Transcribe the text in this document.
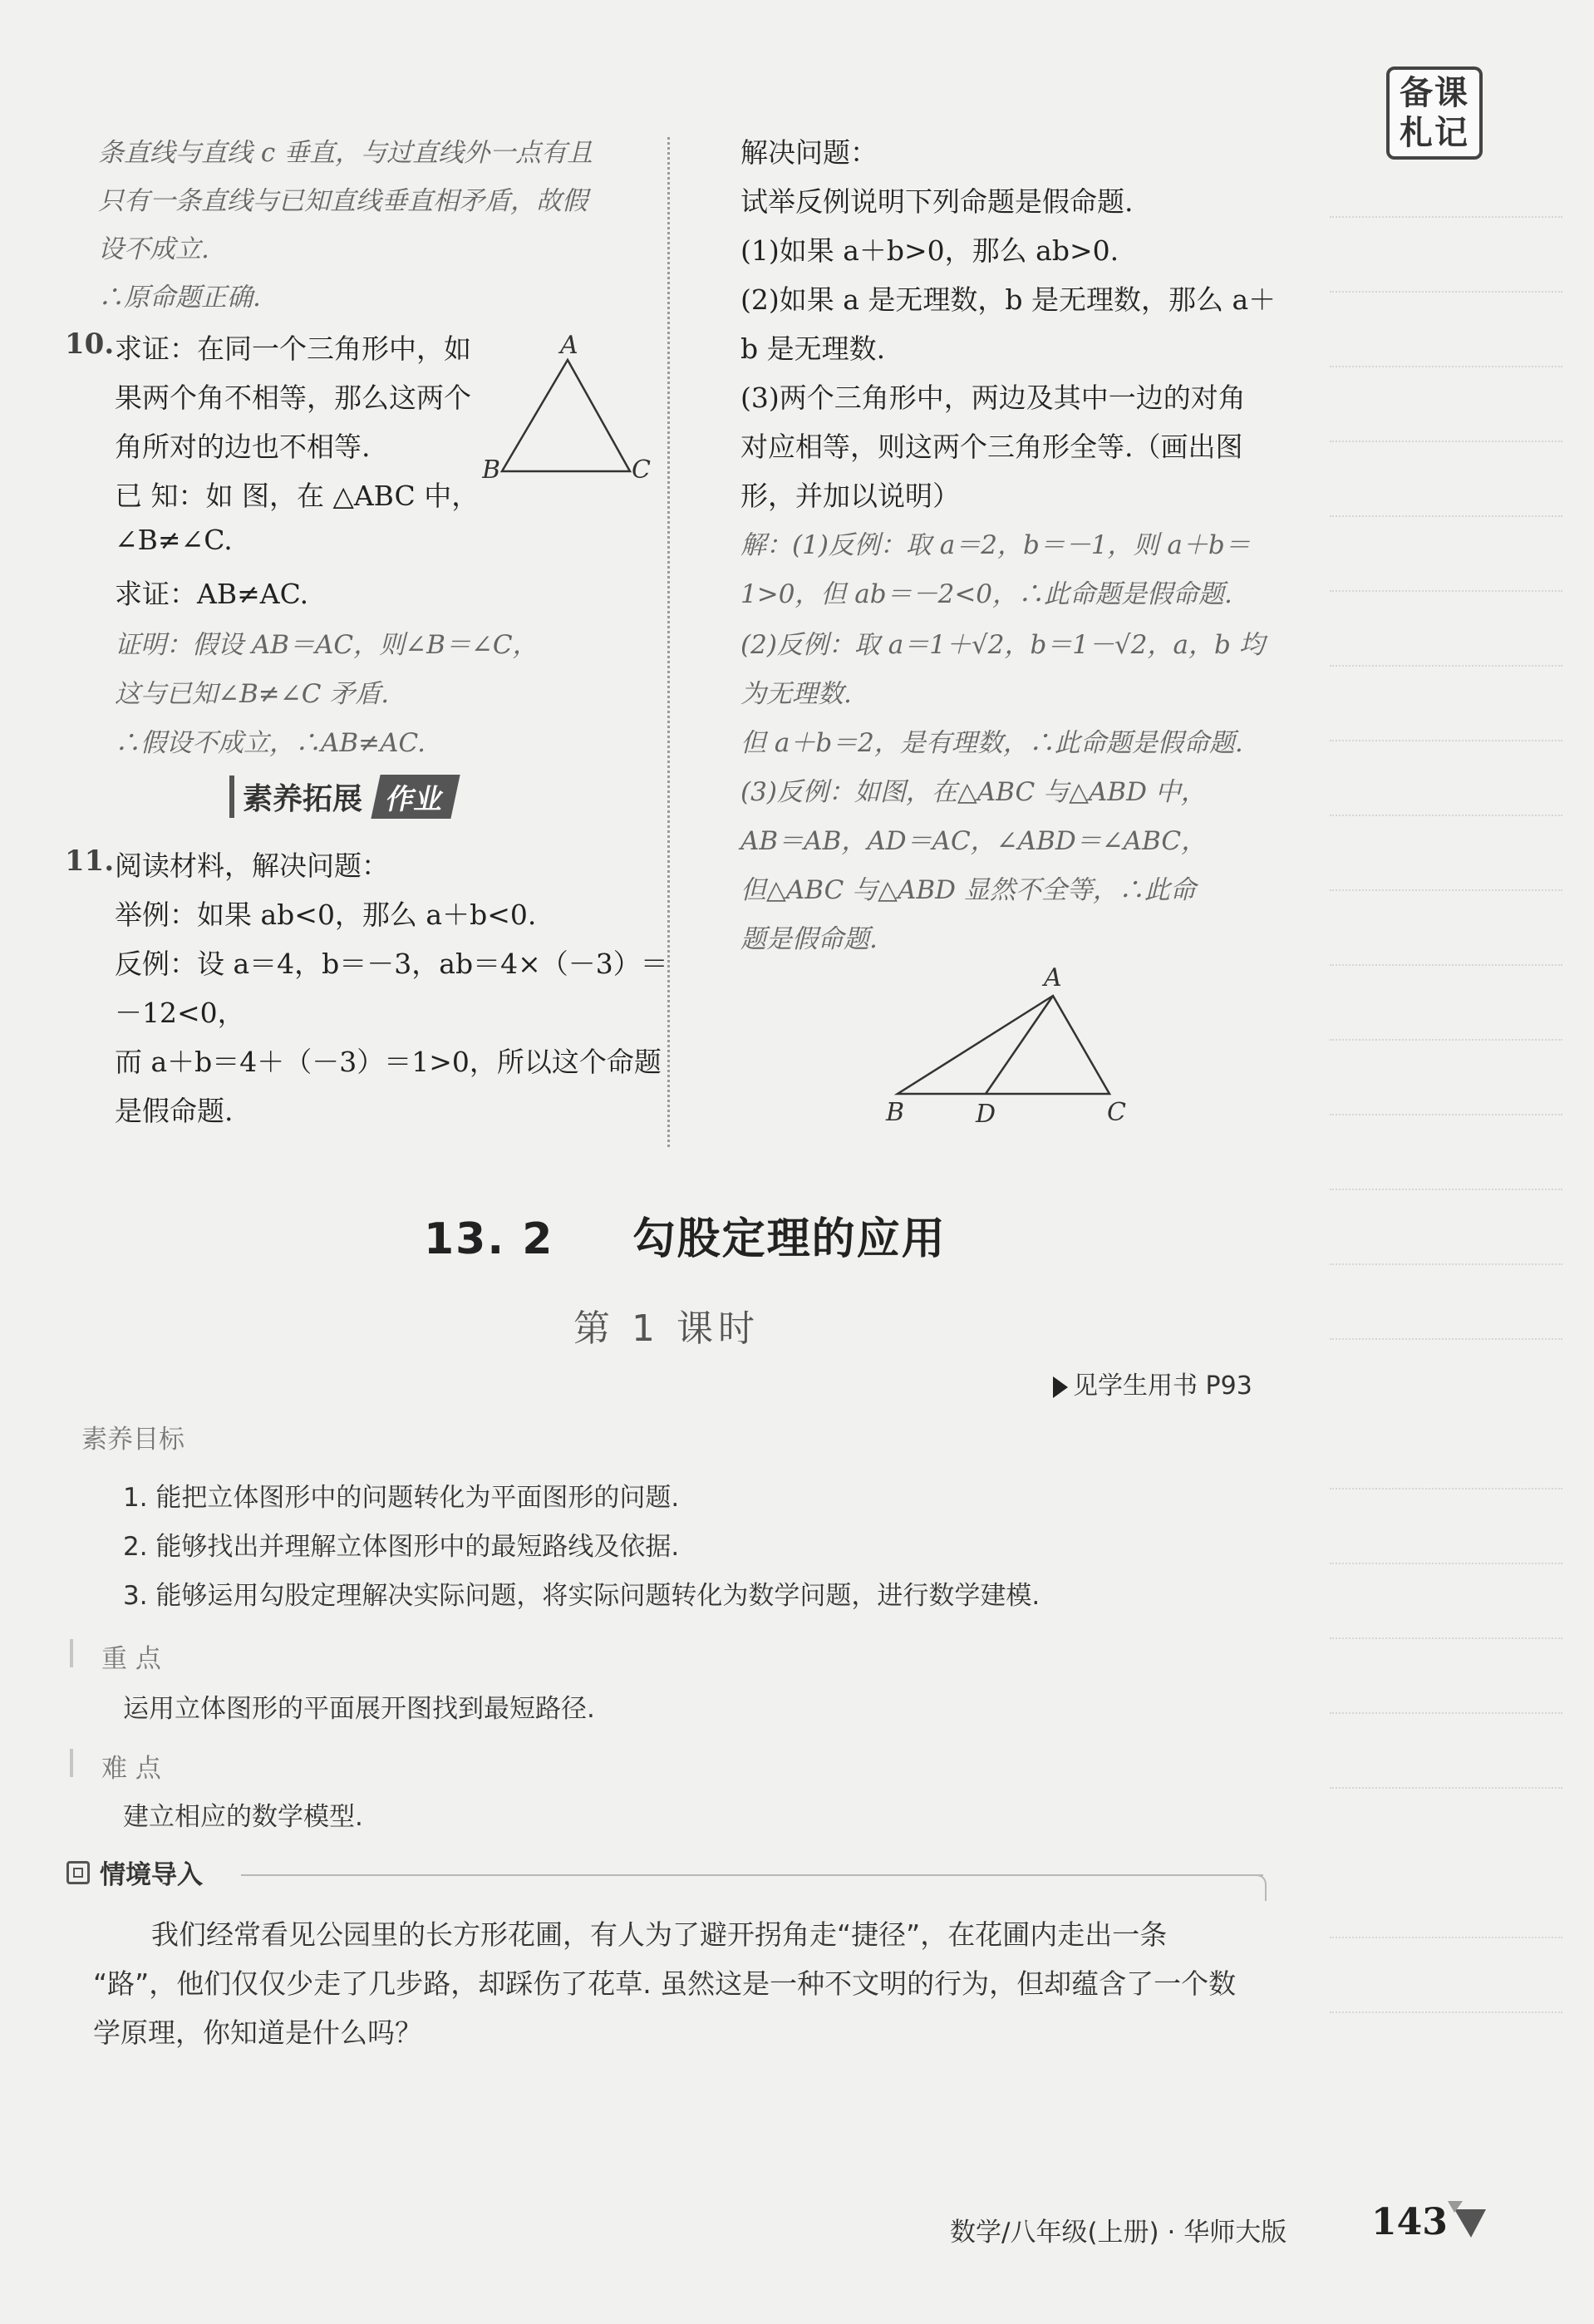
备课
札记
条直线与直线 c 垂直，与过直线外一点有且
只有一条直线与已知直线垂直相矛盾，故假
设不成立.
∴原命题正确.
10. 求证：在同一个三角形中，如
果两个角不相等，那么这两个
角所对的边也不相等.
已 知：如 图，在 △ABC 中，
∠B≠∠C.
求证：AB≠AC.
A
B	C
证明：假设 AB＝AC，则∠B＝∠C，
这与已知∠B≠∠C 矛盾.
∴假设不成立，∴AB≠AC.
素养拓展 作业
11. 阅读材料，解决问题：
举例：如果 ab<0，那么 a＋b<0.
反例：设 a＝4，b＝－3，ab＝4×（－3）＝
－12<0，
而 a＋b＝4＋（－3）＝1>0，所以这个命题
是假命题.
解决问题：
试举反例说明下列命题是假命题.
(1)如果 a＋b>0，那么 ab>0.
(2)如果 a 是无理数，b 是无理数，那么 a＋
b 是无理数.
(3)两个三角形中，两边及其中一边的对角
对应相等，则这两个三角形全等.（画出图
形，并加以说明）
解：(1)反例：取 a＝2，b＝－1，则 a＋b＝
1>0，但 ab＝－2<0，∴此命题是假命题.
(2)反例：取 a＝1＋√2，b＝1－√2，a，b 均
为无理数.
但 a＋b＝2，是有理数，∴此命题是假命题.
(3)反例：如图，在△ABC 与△ABD 中，
AB＝AB，AD＝AC，∠ABD＝∠ABC，
但△ABC 与△ABD 显然不全等，∴此命
题是假命题.
A
B	D	C
13. 2 勾股定理的应用
第 1 课时
见学生用书 P93
素养目标
1. 能把立体图形中的问题转化为平面图形的问题.
2. 能够找出并理解立体图形中的最短路线及依据.
3. 能够运用勾股定理解决实际问题，将实际问题转化为数学问题，进行数学建模.
重 点
运用立体图形的平面展开图找到最短路径.
难 点
建立相应的数学模型.
情境导入
我们经常看见公园里的长方形花圃，有人为了避开拐角走“捷径”，在花圃内走出一条
“路”，他们仅仅少走了几步路，却踩伤了花草. 虽然这是一种不文明的行为，但却蕴含了一个数
学原理，你知道是什么吗？
数学/八年级(上册) · 华师大版 143
